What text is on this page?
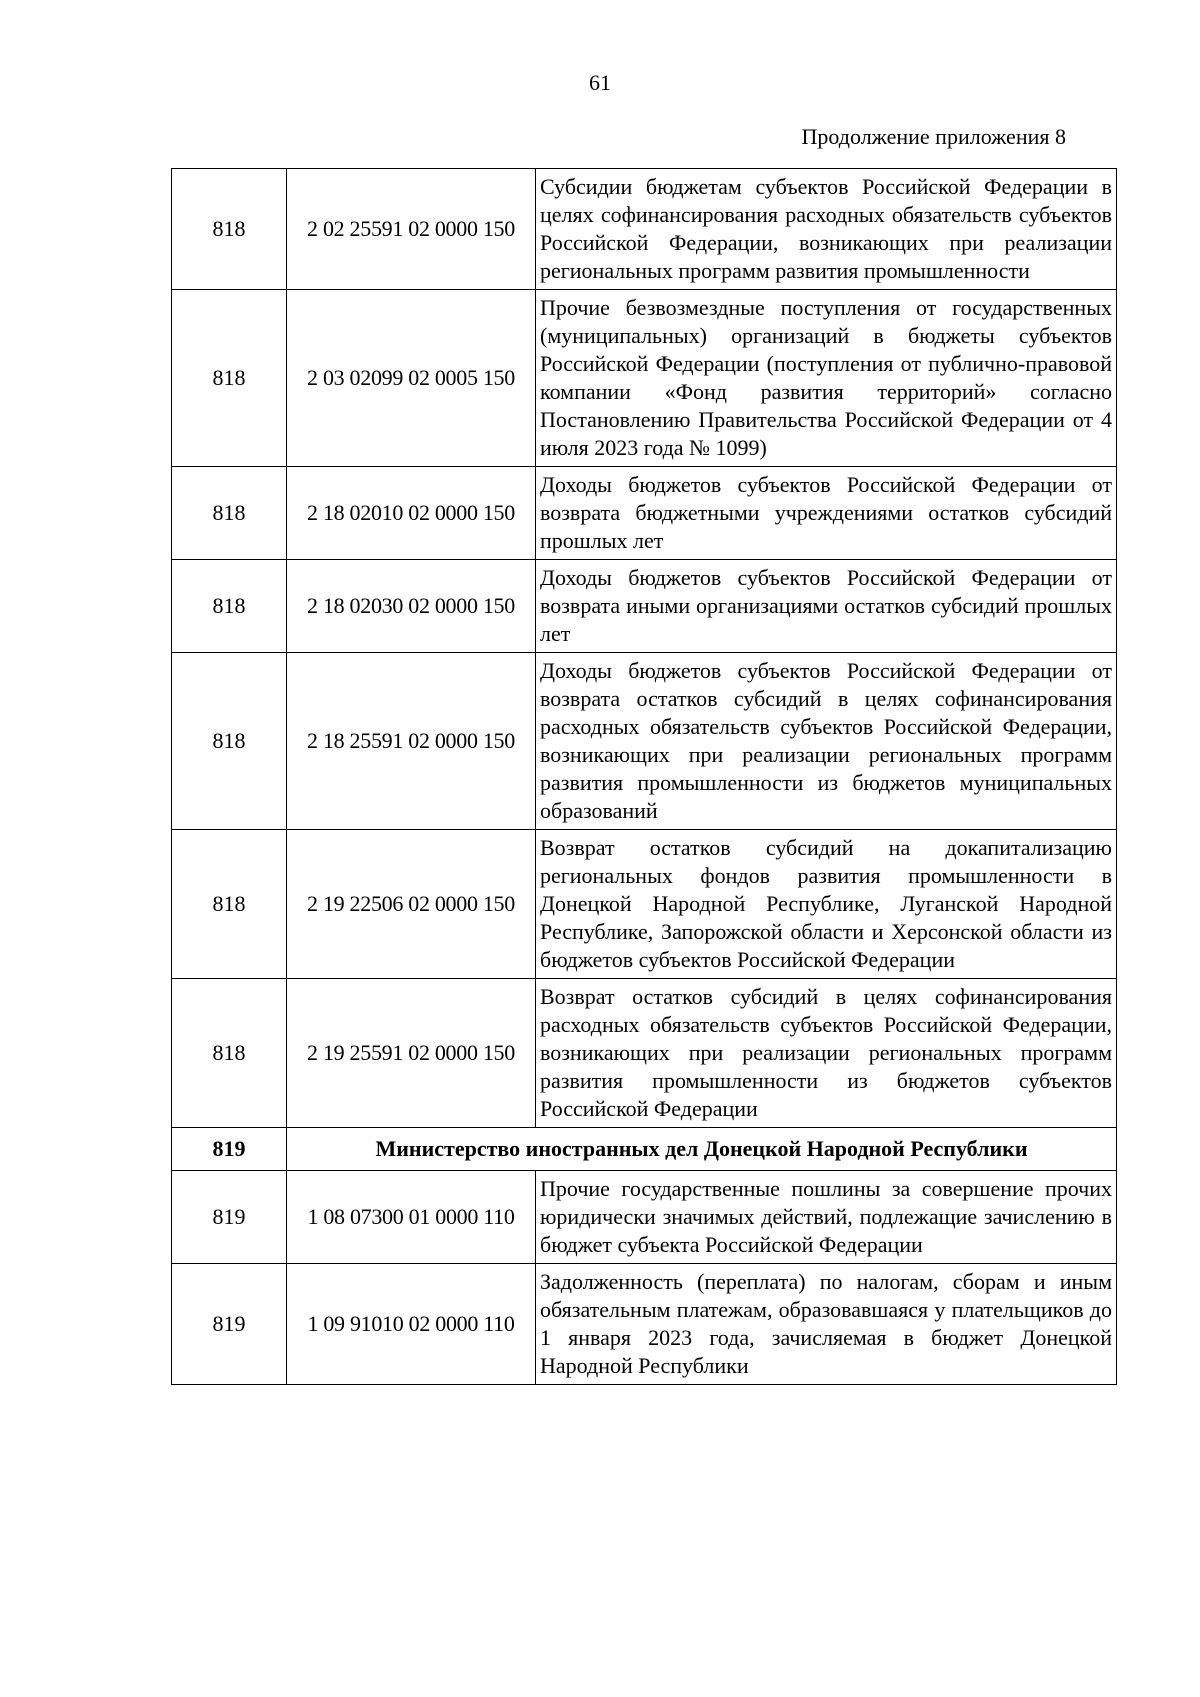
61
Продолжение приложения 8
818	2 02 25591 02 0000 150	Субсидии бюджетам субъектов Российской Федерации в целях софинансирования расходных обязательств субъектов Российской Федерации, возникающих при реализации региональных программ развития промышленности
818	2 03 02099 02 0005 150	Прочие безвозмездные поступления от государственных (муниципальных) организаций в бюджеты субъектов Российской Федерации (поступления от публично-правовой компании «Фонд развития территорий» согласно Постановлению Правительства Российской Федерации от 4 июля 2023 года № 1099)
818	2 18 02010 02 0000 150	Доходы бюджетов субъектов Российской Федерации от возврата бюджетными учреждениями остатков субсидий прошлых лет
818	2 18 02030 02 0000 150	Доходы бюджетов субъектов Российской Федерации от возврата иными организациями остатков субсидий прошлых лет
818	2 18 25591 02 0000 150	Доходы бюджетов субъектов Российской Федерации от возврата остатков субсидий в целях софинансирования расходных обязательств субъектов Российской Федерации, возникающих при реализации региональных программ развития промышленности из бюджетов муниципальных образований
818	2 19 22506 02 0000 150	Возврат остатков субсидий на докапитализацию региональных фондов развития промышленности в Донецкой Народной Республике, Луганской Народной Республике, Запорожской области и Херсонской области из бюджетов субъектов Российской Федерации
818	2 19 25591 02 0000 150	Возврат остатков субсидий в целях софинансирования расходных обязательств субъектов Российской Федерации, возникающих при реализации региональных программ развития промышленности из бюджетов субъектов Российской Федерации
819	Министерство иностранных дел Донецкой Народной Республики	
819	1 08 07300 01 0000 110	Прочие государственные пошлины за совершение прочих юридически значимых действий, подлежащие зачислению в бюджет субъекта Российской Федерации
819	1 09 91010 02 0000 110	Задолженность (переплата) по налогам, сборам и иным обязательным платежам, образовавшаяся у плательщиков до 1 января 2023 года, зачисляемая в бюджет Донецкой Народной Республики
